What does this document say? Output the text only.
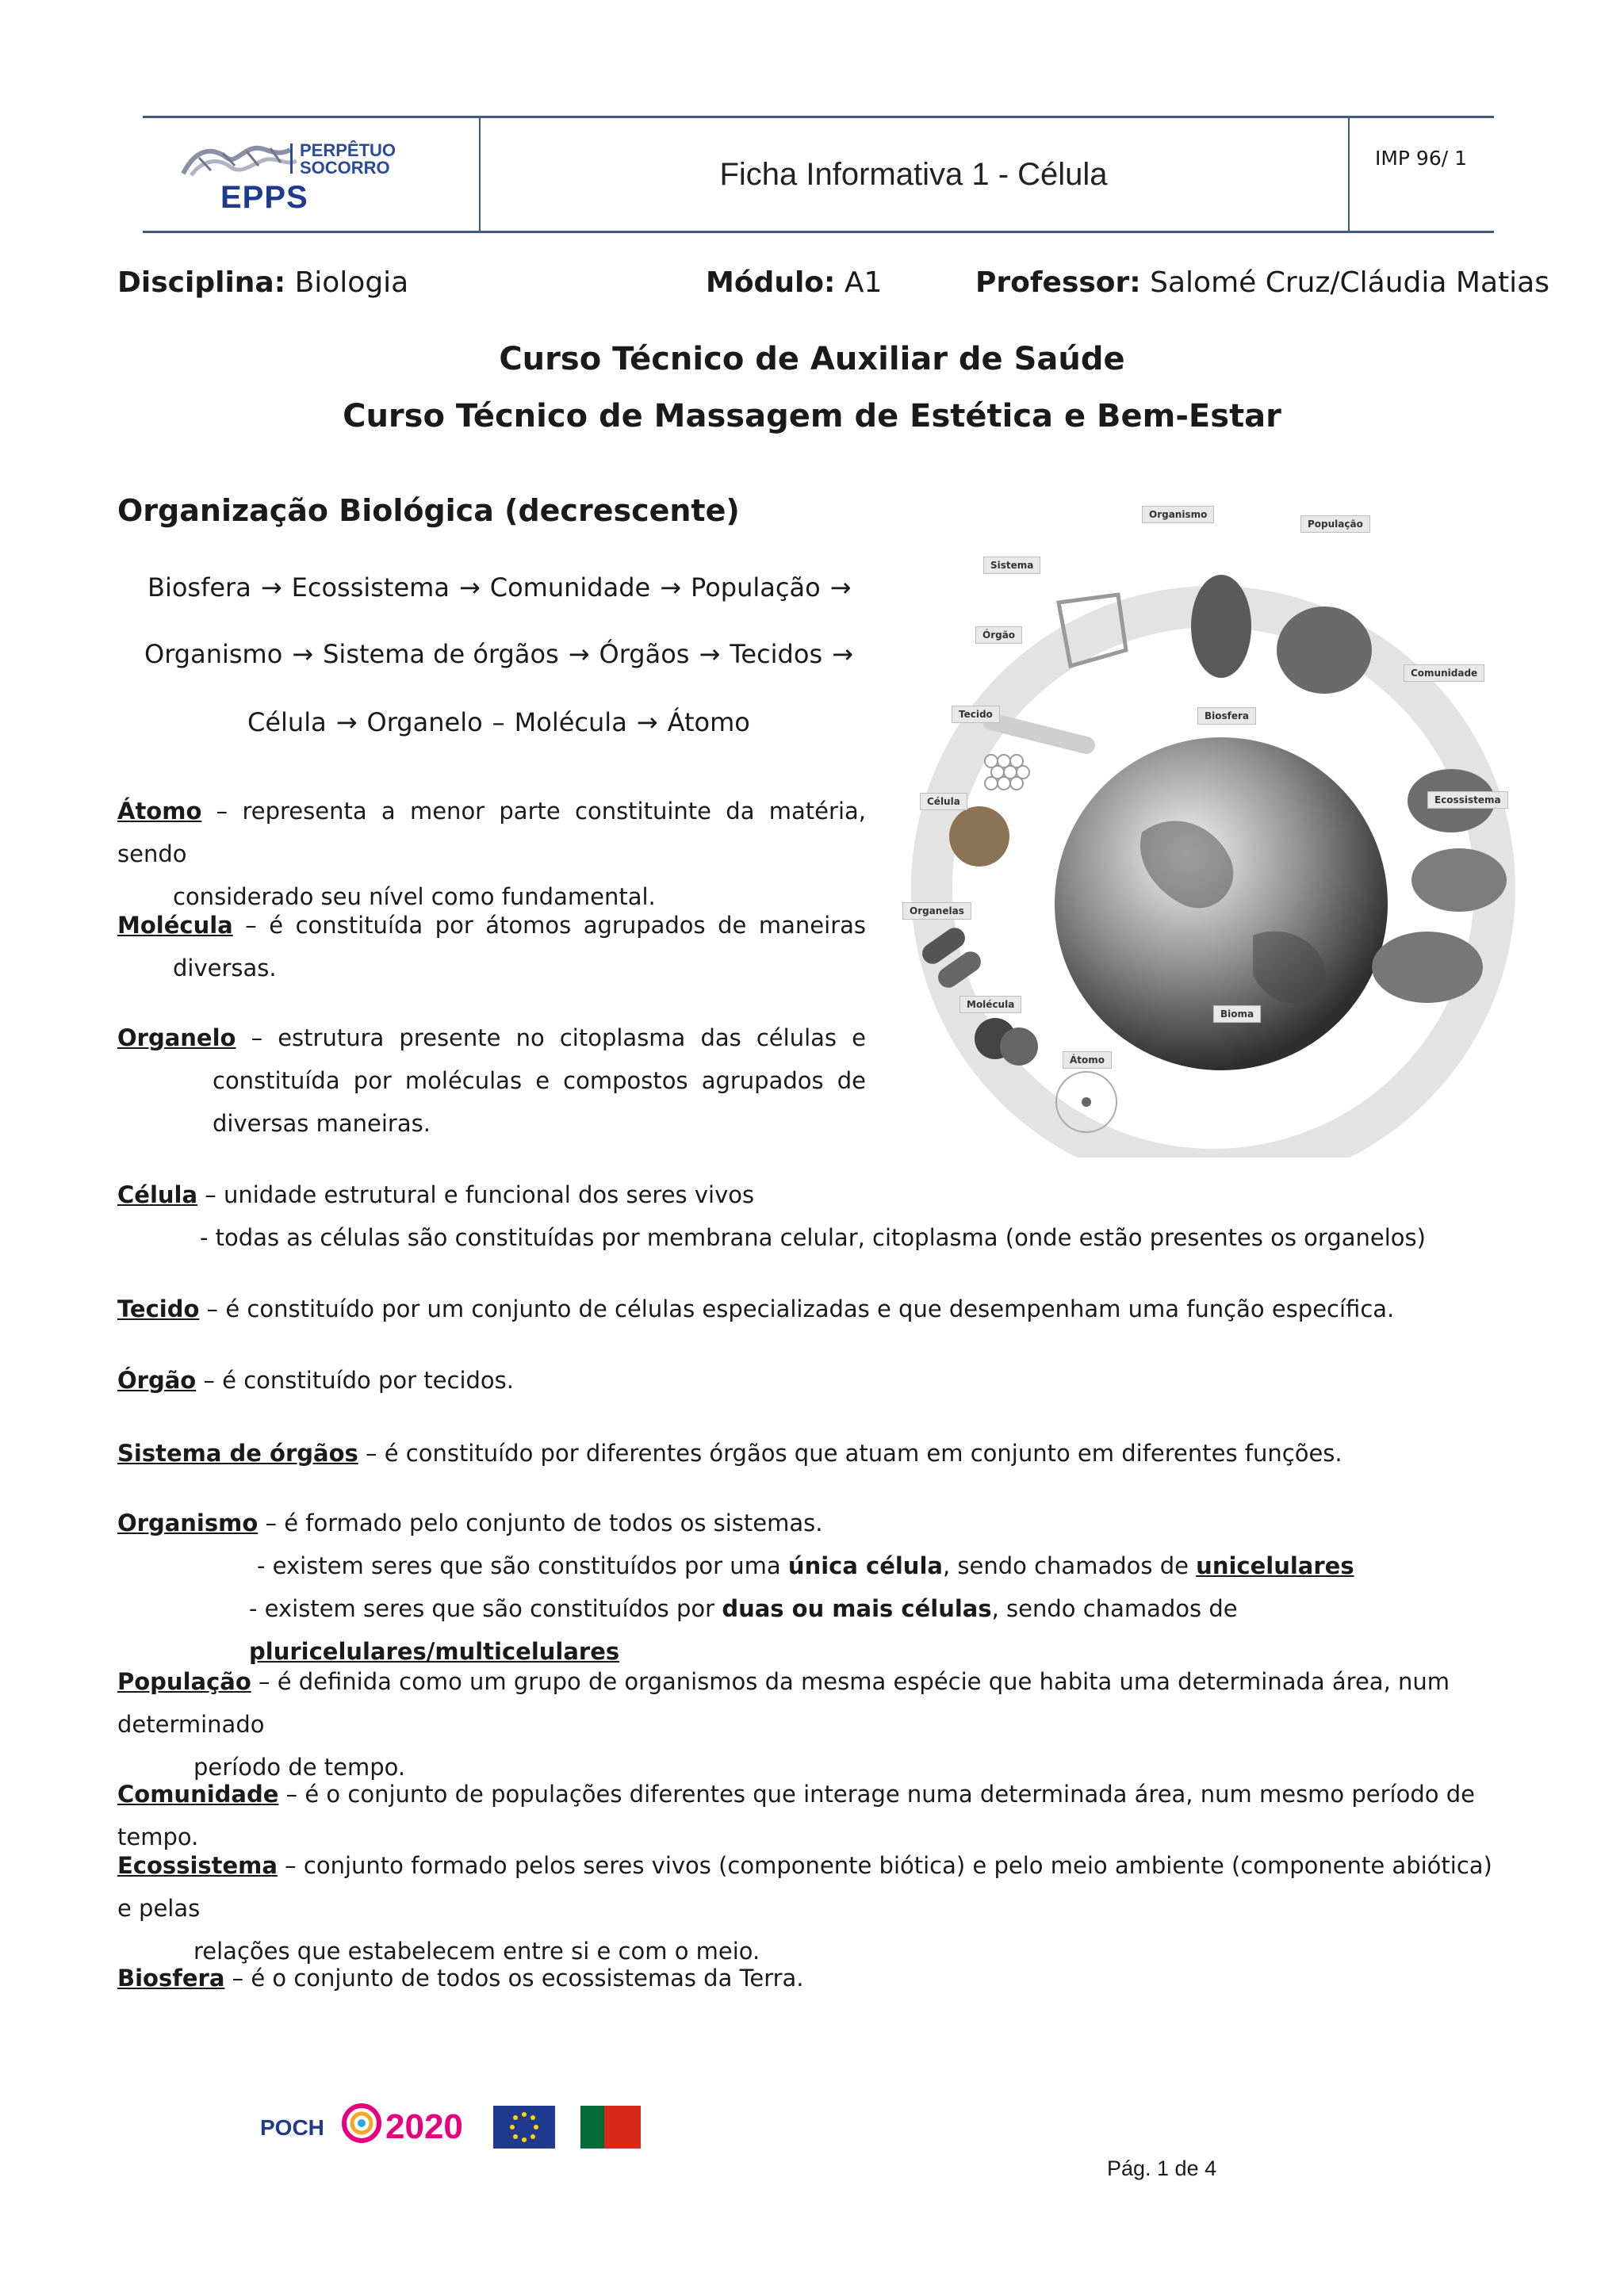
PERPÊTUO SOCORRO
EPPS
Ficha Informativa 1 - Célula	IMP 96/ 1
Disciplina: Biologia	Módulo: A1	Professor: Salomé Cruz/Cláudia Matias
Curso Técnico de Auxiliar de Saúde
Curso Técnico de Massagem de Estética e Bem-Estar
Organização Biológica (decrescente)
Biosfera → Ecossistema → Comunidade → População →
Organismo → Sistema de órgãos → Órgãos → Tecidos →
Célula → Organelo – Molécula → Átomo
Organismo
População
Sistema
Órgão
Comunidade
Tecido	Biosfera
Célula	Ecossistema
Organelas
Molécula
Bioma
Átomo
Átomo – representa a menor parte constituinte da matéria, sendo
considerado seu nível como fundamental.
Molécula – é constituída por átomos agrupados de maneiras
diversas.
Organelo – estrutura presente no citoplasma das células e
constituída por moléculas e compostos agrupados de
diversas maneiras.
Célula – unidade estrutural e funcional dos seres vivos
- todas as células são constituídas por membrana celular, citoplasma (onde estão presentes os organelos)
Tecido – é constituído por um conjunto de células especializadas e que desempenham uma função específica.
Órgão – é constituído por tecidos.
Sistema de órgãos – é constituído por diferentes órgãos que atuam em conjunto em diferentes funções.
Organismo – é formado pelo conjunto de todos os sistemas.
- existem seres que são constituídos por uma única célula, sendo chamados de unicelulares
- existem seres que são constituídos por duas ou mais células, sendo chamados de pluricelulares/multicelulares
População – é definida como um grupo de organismos da mesma espécie que habita uma determinada área, num determinado
período de tempo.
Comunidade – é o conjunto de populações diferentes que interage numa determinada área, num mesmo período de tempo.
Ecossistema – conjunto formado pelos seres vivos (componente biótica) e pelo meio ambiente (componente abiótica) e pelas
relações que estabelecem entre si e com o meio.
Biosfera – é o conjunto de todos os ecossistemas da Terra.
POCH 2020
Pág. 1 de 4
